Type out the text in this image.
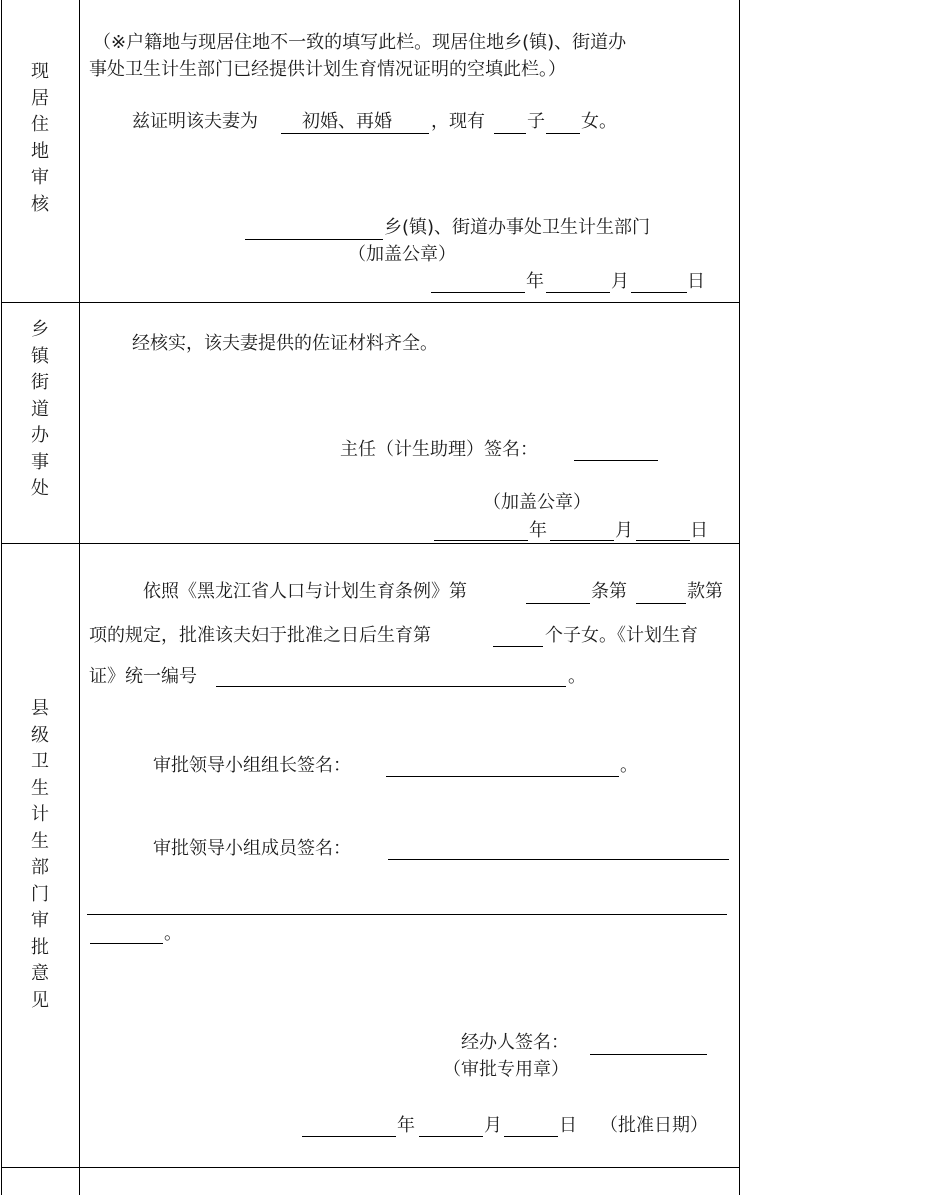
现
居
住
地
审
核
（※户籍地与现居住地不一致的填写此栏。现居住地乡(镇)、街道办
事处卫生计生部门已经提供计划生育情况证明的空填此栏。）
兹证明该夫妻为 初婚、再婚 ，现有 子 女。
乡(镇)、街道办事处卫生计生部门
（加盖公章）
年	月	日
乡
镇
街
道
办
事
处
经核实，该夫妻提供的佐证材料齐全。
主任（计生助理）签名：
（加盖公章）
年	月	日
县
级
卫
生
计
生
部
门
审
批
意
见
依照《黑龙江省人口与计划生育条例》第	条第	款第
项的规定，批准该夫妇于批准之日后生育第	个子女。《计划生育
证》统一编号	。
审批领导小组组长签名：	。
审批领导小组成员签名：
。
经办人签名：
（审批专用章）
年	月	日 （批准日期）
